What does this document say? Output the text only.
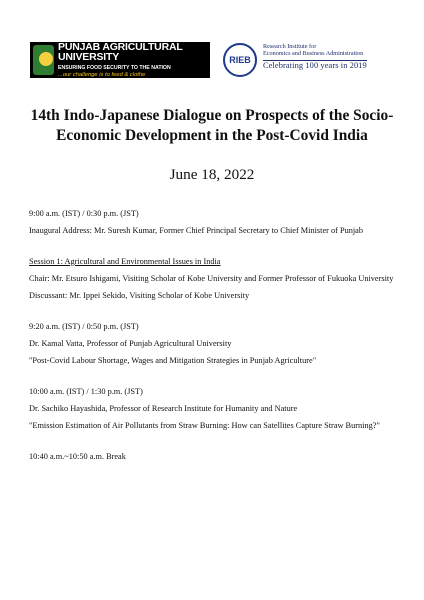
PUNJAB AGRICULTURAL UNIVERSITY
ENSURING FOOD SECURITY TO THE NATION
...our challenge is to feed & clothe
RIEB
Research Institute for
Economics and Business Administration
Celebrating 100 years in 2019
14th Indo-Japanese Dialogue on Prospects of the Socio-Economic Development in the Post-Covid India
June 18, 2022

9:00 a.m. (IST) / 0:30 p.m. (JST)

Inaugural Address: Mr. Suresh Kumar, Former Chief Principal Secretary to Chief Minister of Punjab

Session 1: Agricultural and Environmental Issues in India

Chair: Mr. Etsuro Ishigami, Visiting Scholar of Kobe University and Former Professor of Fukuoka University

Discussant: Mr. Ippei Sekido, Visiting Scholar of Kobe University

9:20 a.m. (IST) / 0:50 p.m. (JST)

Dr. Kamal Vatta, Professor of Punjab Agricultural University

"Post-Covid Labour Shortage, Wages and Mitigation Strategies in Punjab Agriculture"

10:00 a.m. (IST) / 1:30 p.m. (JST)

Dr. Sachiko Hayashida, Professor of Research Institute for Humanity and Nature

"Emission Estimation of Air Pollutants from Straw Burning: How can Satellites Capture Straw Burning?"

10:40 a.m.~10:50 a.m. Break
